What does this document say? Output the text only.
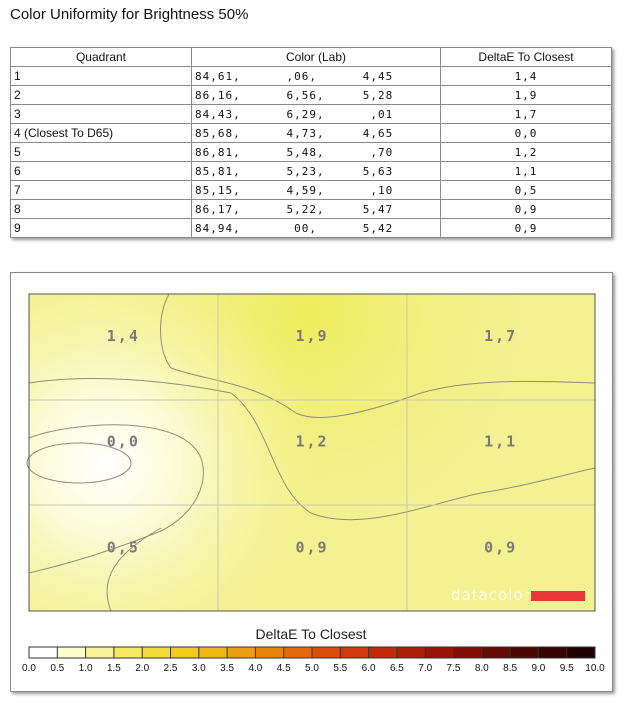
Color Uniformity for Brightness 50%
Quadrant	Color (Lab)	DeltaE To Closest
1	84,61,      ,06,      4,45	1,4
2	86,16,      6,56,     5,28	1,9
3	84,43,      6,29,      ,01	1,7
4 (Closest To D65)	85,68,      4,73,     4,65	0,0
5	86,81,      5,48,      ,70	1,2
6	85,81,      5,23,     5,63	1,1
7	85,15,      4,59,      ,10	0,5
8	86,17,      5,22,     5,47	0,9
9	84,94,       00,      5,42	0,9
datacolor
1,4	1,9	1,7
0,0	1,2	1,1
0,5	0,9	0,9
DeltaE To Closest
0.0 0.5 1.0 1.5 2.0 2.5 3.0 3.5 4.0 4.5 5.0 5.5 6.0 6.5 7.0 7.5 8.0 8.5 9.0 9.5 10.0
